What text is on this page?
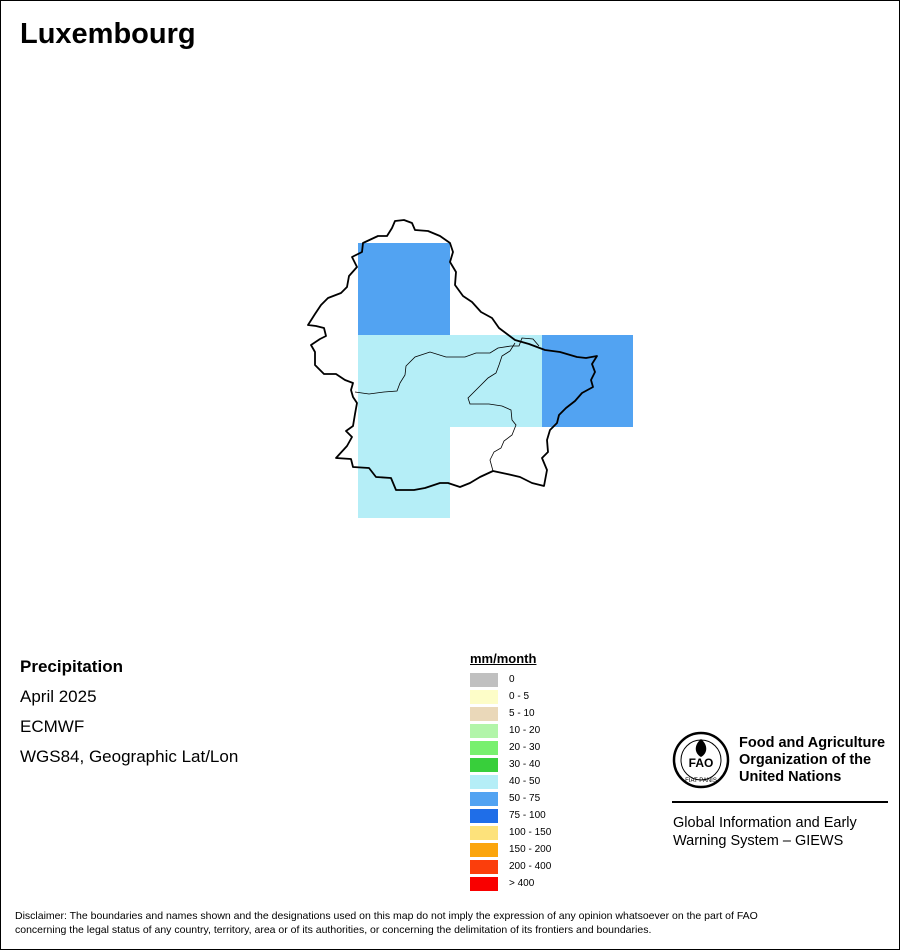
Luxembourg
Precipitation
April 2025
ECMWF
WGS84, Geographic Lat/Lon
mm/month
0
0 - 5
5 - 10
10 - 20
20 - 30
30 - 40
40 - 50
50 - 75
75 - 100
100 - 150
150 - 200
200 - 400
> 400
FAO
FIAT PANIS
Food and Agriculture
Organization of the
United Nations
Global Information and Early
Warning System – GIEWS
Disclaimer: The boundaries and names shown and the designations used on this map do not imply the expression of any opinion whatsoever on the part of FAO
concerning the legal status of any country, territory, area or of its authorities, or concerning the delimitation of its frontiers and boundaries.
